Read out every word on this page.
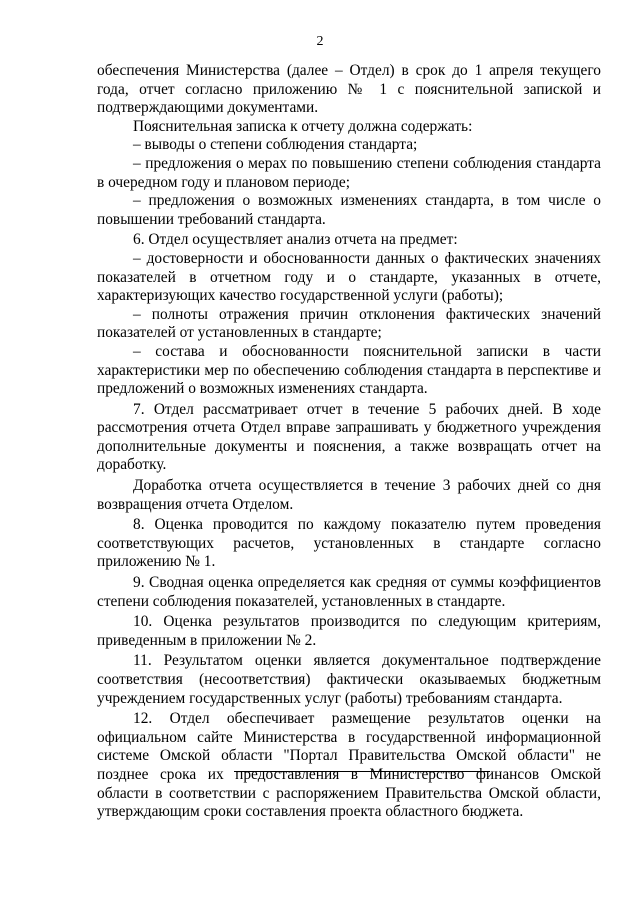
2

обеспечения Министерства (далее – Отдел) в срок до 1 апреля текущего года, отчет согласно приложению № 1 с пояснительной запиской и подтверждающими документами.

Пояснительная записка к отчету должна содержать:

– выводы о степени соблюдения стандарта;

– предложения о мерах по повышению степени соблюдения стандарта в очередном году и плановом периоде;

– предложения о возможных изменениях стандарта, в том числе о повышении требований стандарта.

6. Отдел осуществляет анализ отчета на предмет:

– достоверности и обоснованности данных о фактических значениях показателей в отчетном году и о стандарте, указанных в отчете, характеризующих качество государственной услуги (работы);

– полноты отражения причин отклонения фактических значений показателей от установленных в стандарте;

– состава и обоснованности пояснительной записки в части характеристики мер по обеспечению соблюдения стандарта в перспективе и предложений о возможных изменениях стандарта.

7. Отдел рассматривает отчет в течение 5 рабочих дней. В ходе рассмотрения отчета Отдел вправе запрашивать у бюджетного учреждения дополнительные документы и пояснения, а также возвращать отчет на доработку.

Доработка отчета осуществляется в течение 3 рабочих дней со дня возвращения отчета Отделом.

8. Оценка проводится по каждому показателю путем проведения соответствующих расчетов, установленных в стандарте согласно приложению № 1.

9. Сводная оценка определяется как средняя от суммы коэффициентов степени соблюдения показателей, установленных в стандарте.

10. Оценка результатов производится по следующим критериям, приведенным в приложении № 2.

11. Результатом оценки является документальное подтверждение соответствия (несоответствия) фактически оказываемых бюджетным учреждением государственных услуг (работы) требованиям стандарта.

12. Отдел обеспечивает размещение результатов оценки на официальном сайте Министерства в государственной информационной системе Омской области "Портал Правительства Омской области" не позднее срока их предоставления в Министерство финансов Омской области в соответствии с распоряжением Правительства Омской области, утверждающим сроки составления проекта областного бюджета.
